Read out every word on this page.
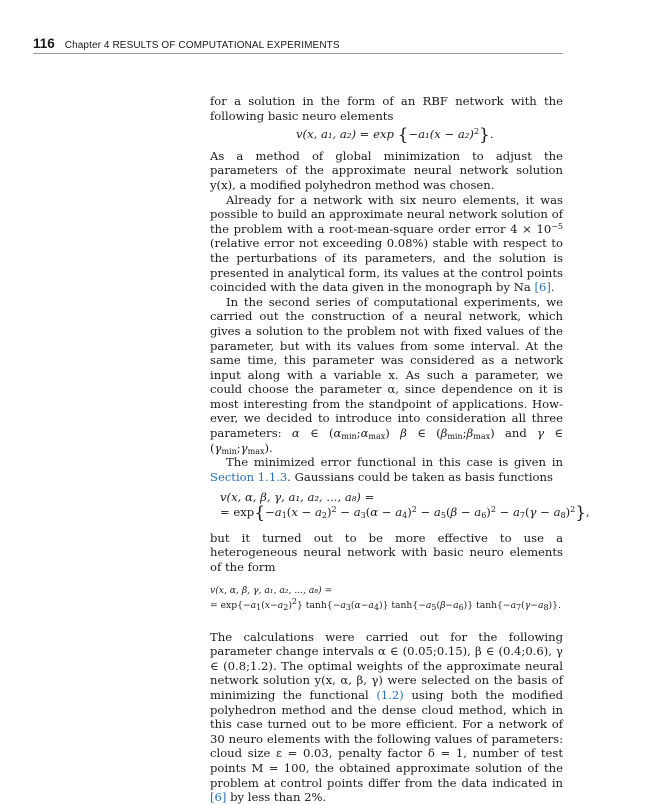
116 Chapter 4 RESULTS OF COMPUTATIONAL EXPERIMENTS

for a solution in the form of an RBF network with the following basic neuro elements

v(x, a₁, $a_2) = \exp \{-a_1(x - a_2)^2\}$.

As a method of global minimization to adjust the parameters of the approximate neural network solution y(x), a modified polyhedron method was chosen.

Already for a network with six neuro elements, it was possible to build an approximate neural network solution of the problem with a root-mean-square order error $4 \times 10^{-5}$ (relative error not exceeding 0.08%) stable with respect to the perturbations of its parameters, and the solution is presented in analytical form, its values at the control points coincided with the data given in the monograph by Na [6].

In the second series of computational experiments, we carried out the construction of a neural network, which gives a solution to the problem not with fixed values of the parameter, but with its values from some interval. At the same time, this parameter was considered as a network input along with a variable x. As such a parameter, we could choose the parameter α, since dependence on it is most interesting from the standpoint of applications. However, we decided to introduce into consideration all three parameters: α ∈ $(\alpha_{min};\alpha_{max})$ β ∈ $(\beta_{min};\beta_{max})$ and γ ∈ $(\gamma_{min};\gamma_{max})$.

The minimized error functional in this case is given in Section 1.1.3. Gaussians could be taken as basis functions

v(x, α, β, γ, a₁, a₂, ..., a₈) =
= $\exp\{-a_1(x - a_2)^2 - a_3(\alpha - a_4)^2 - a_5(\beta - a_6)^2 - a_7(\gamma - a_8)^2\}$,

but it turned out to be more effective to use a heterogeneous neural network with basic neuro elements of the form

v(x, α, β, γ, a₁, a₂, ..., a₈) =
= $\exp\{-a_1(x-a_2)^2\}$ $\tanh\{-a_3(\alpha-a_4)\}$ $\tanh\{-a_5(\beta-a_6)\}$ $\tanh\{-a_7(\gamma-a_8)\}$.

The calculations were carried out for the following parameter change intervals α ∈ (0.05;0.15), β ∈ (0.4;0.6), γ ∈ (0.8;1.2). The optimal weights of the approximate neural network solution y(x, α, β, γ) were selected on the basis of minimizing the functional (1.2) using both the modified polyhedron method and the dense cloud method, which in this case turned out to be more efficient. For a network of 30 neuro elements with the following values of parameters: cloud size ε = 0.03, penalty factor δ = 1, number of test points M = 100, the obtained approximate solution of the problem at control points differ from the data indicated in [6] by less than 2%.
